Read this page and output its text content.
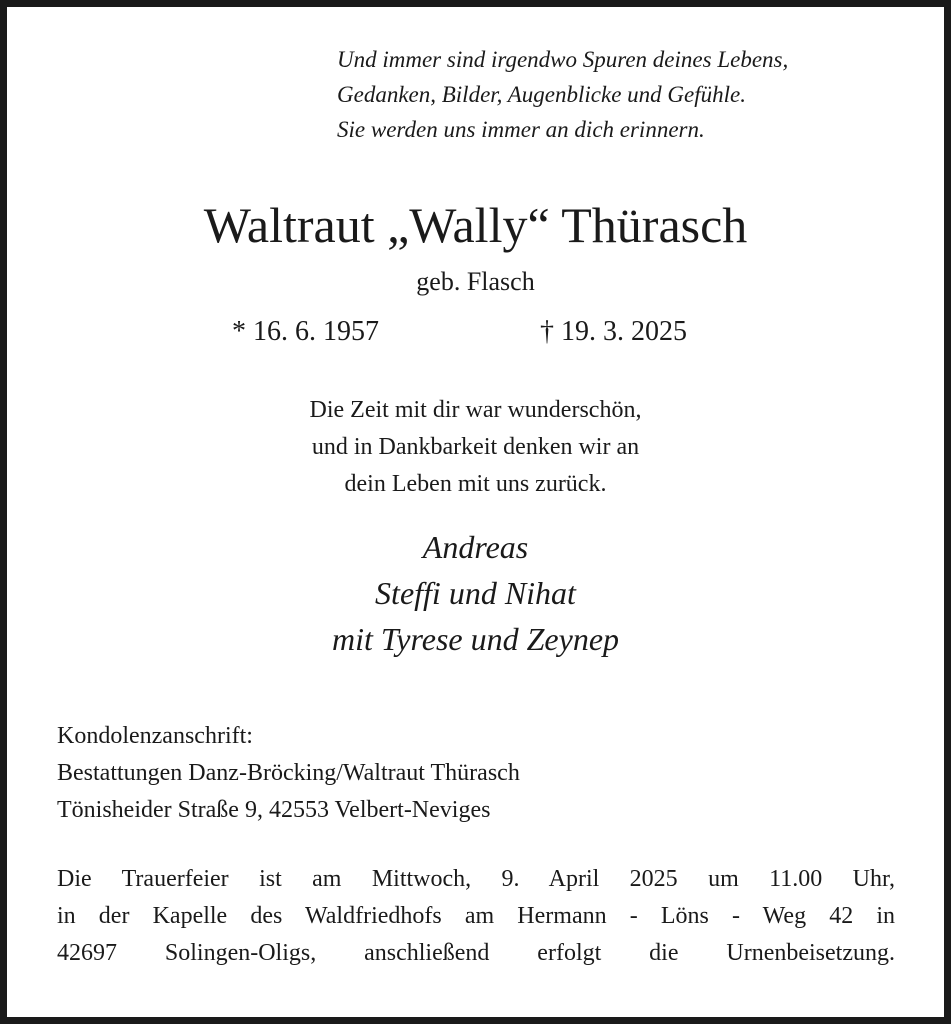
Und immer sind irgendwo Spuren deines Lebens,
Gedanken, Bilder, Augenblicke und Gefühle.
Sie werden uns immer an dich erinnern.
Waltraut „Wally“ Thürasch
geb. Flasch
* 16. 6. 1957	† 19. 3. 2025
Die Zeit mit dir war wunderschön,
und in Dankbarkeit denken wir an
dein Leben mit uns zurück.
Andreas
Steffi und Nihat
mit Tyrese und Zeynep
Kondolenzanschrift:
Bestattungen Danz-Bröcking/Waltraut Thürasch
Tönisheider Straße 9, 42553 Velbert-Neviges
Die Trauerfeier ist am Mittwoch, 9. April 2025 um 11.00 Uhr,
in der Kapelle des Waldfriedhofs am Hermann - Löns - Weg 42 in
42697 Solingen-Oligs, anschließend erfolgt die Urnenbeisetzung.
